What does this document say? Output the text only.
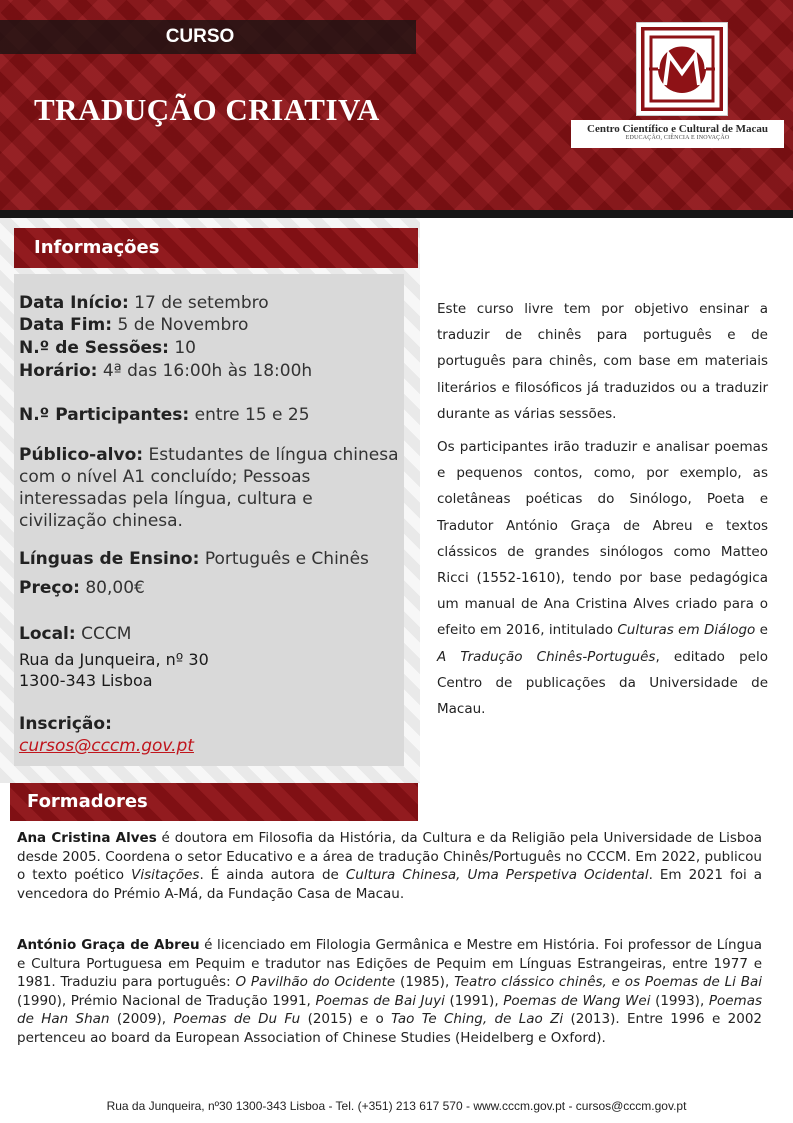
CURSO
TRADUÇÃO CRIATIVA
Centro Científico e Cultural de Macau
EDUCAÇÃO, CIÊNCIA E INOVAÇÃO
Informações
Data Início: 17 de setembro
Data Fim: 5 de Novembro
N.º de Sessões: 10
Horário: 4ª das 16:00h às 18:00h
N.º Participantes: entre 15 e 25
Público-alvo: Estudantes de língua chinesa com o nível A1 concluído; Pessoas interessadas pela língua, cultura e civilização chinesa.
Línguas de Ensino: Português e Chinês
Preço: 80,00€
Local: CCCM
Rua da Junqueira, nº 30
1300-343 Lisboa
Inscrição:
cursos@cccm.gov.pt

Este curso livre tem por objetivo ensinar a traduzir de chinês para português e de português para chinês, com base em materiais literários e filosóficos já traduzidos ou a traduzir durante as várias sessões.

Os participantes irão traduzir e analisar poemas e pequenos contos, como, por exemplo, as coletâneas poéticas do Sinólogo, Poeta e Tradutor António Graça de Abreu e textos clássicos de grandes sinólogos como Matteo Ricci (1552-1610), tendo por base pedagógica um manual de Ana Cristina Alves criado para o efeito em 2016, intitulado Culturas em Diálogo e A Tradução Chinês-Português, editado pelo Centro de publicações da Universidade de Macau.

Formadores

Ana Cristina Alves é doutora em Filosofia da História, da Cultura e da Religião pela Universidade de Lisboa desde 2005. Coordena o setor Educativo e a área de tradução Chinês/Português no CCCM. Em 2022, publicou o texto poético Visitações. É ainda autora de Cultura Chinesa, Uma Perspetiva Ocidental. Em 2021 foi a vencedora do Prémio A-Má, da Fundação Casa de Macau.

António Graça de Abreu é licenciado em Filologia Germânica e Mestre em História. Foi professor de Língua e Cultura Portuguesa em Pequim e tradutor nas Edições de Pequim em Línguas Estrangeiras, entre 1977 e 1981. Traduziu para português: O Pavilhão do Ocidente (1985), Teatro clássico chinês, e os Poemas de Li Bai (1990), Prémio Nacional de Tradução 1991, Poemas de Bai Juyi (1991), Poemas de Wang Wei (1993), Poemas de Han Shan (2009), Poemas de Du Fu (2015) e o Tao Te Ching, de Lao Zi (2013). Entre 1996 e 2002 pertenceu ao board da European Association of Chinese Studies (Heidelberg e Oxford).

Rua da Junqueira, nº30 1300-343 Lisboa - Tel. (+351) 213 617 570 - www.cccm.gov.pt - cursos@cccm.gov.pt
